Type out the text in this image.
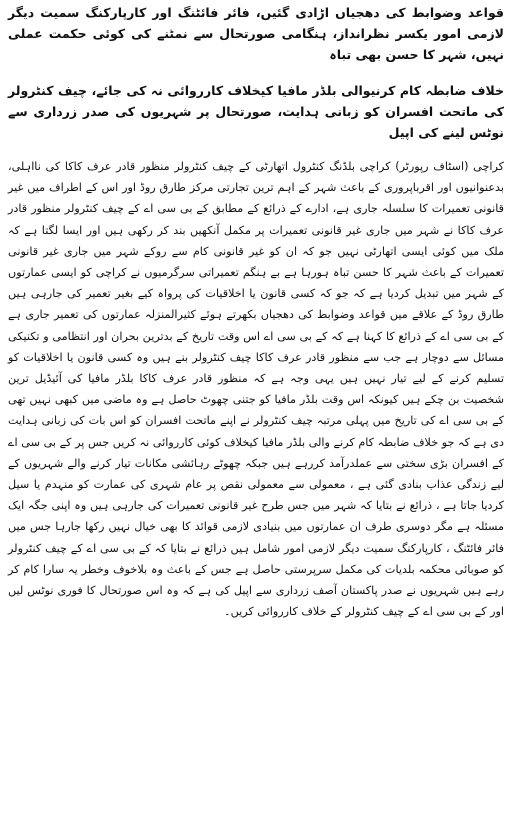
قواعد وضوابط کی دھجیاں اڑادی گئیں، فائر فائٹنگ اور کارپارکنگ سمیت دیگر لازمی امور یکسر نظرانداز، ہنگامی صورتحال سے نمٹنے کی کوئی حکمت عملی نہیں، شہر کا حسن بھی تباہ

خلاف ضابطہ کام کرنیوالی بلڈر مافیا کیخلاف کارروائی نہ کی جائے، چیف کنٹرولر کی ماتحت افسران کو زبانی ہدایت، صورتحال پر شہریوں کی صدر زرداری سے نوٹس لینے کی اپیل

کراچی (اسٹاف رپورٹر) کراچی بلڈنگ کنٹرول اتھارٹی کے چیف کنٹرولر منظور قادر عرف کاکا کی نااہلی، بدعنوانیوں اور اقرباپروری کے باعث شہر کے اہم ترین تجارتی مرکز طارق روڈ اور اس کے اطراف میں غیر قانونی تعمیرات کا سلسلہ جاری ہے، ادارے کے ذرائع کے مطابق کے بی سی اے کے چیف کنٹرولر منظور قادر عرف کاکا نے شہر میں جاری غیر قانونی تعمیرات پر مکمل آنکھیں بند کر رکھی ہیں اور ایسا لگتا ہے کہ ملک میں کوئی ایسی اتھارٹی نہیں جو کہ ان کو غیر قانونی کام سے روکے شہر میں جاری غیر قانونی تعمیرات کے باعث شہر کا حسن تباہ ہورہا ہے بے ہنگم تعمیراتی سرگرمیوں نے کراچی کو ایسی عمارتوں کے شہر میں تبدیل کردیا ہے کہ جو کہ کسی قانون یا اخلاقیات کی پرواہ کیے بغیر تعمیر کی جارہی ہیں طارق روڈ کے علاقے میں قواعد وضوابط کی دھجیاں بکھرتے ہوئے کثیرالمنزلہ عمارتوں کی تعمیر جاری ہے کے بی سی اے کے ذرائع کا کہنا ہے کہ کے بی سی اے اس وقت تاریخ کے بدترین بحران اور انتظامی و تکنیکی مسائل سے دوچار ہے جب سے منظور قادر عرف کاکا چیف کنٹرولر بنے ہیں وہ کسی قانون یا اخلاقیات کو تسلیم کرنے کے لیے تیار نہیں ہیں یہی وجہ ہے کہ منظور قادر عرف کاکا بلڈر مافیا کی آئیڈیل ترین شخصیت بن چکے ہیں کیونکہ اس وقت بلڈر مافیا کو جتنی چھوٹ حاصل ہے وہ ماضی میں کبھی نہیں تھی کے بی سی اے کی تاریخ میں پہلی مرتبہ چیف کنٹرولر نے اپنے ماتحت افسران کو اس بات کی زبانی ہدایت دی ہے کہ جو خلاف ضابطہ کام کرنے والی بلڈر مافیا کیخلاف کوئی کارروائی نہ کریں جس پر کے بی سی اے کے افسران بڑی سختی سے عملدرآمد کررہے ہیں جبکہ چھوٹے رہائشی مکانات تیار کرنے والے شہریوں کے لیے زندگی عذاب بنادی گئی ہے ، معمولی سے معمولی نقص پر عام شہری کی عمارت کو منہدم یا سیل کردیا جاتا ہے ، ذرائع نے بتایا کہ شہر میں جس طرح غیر قانونی تعمیرات کی جارہی ہیں وہ اپنی جگہ ایک مسئلہ ہے مگر دوسری طرف ان عمارتوں میں بنیادی لازمی قوائد کا بھی خیال نہیں رکھا جارہا جس میں فائر فائٹنگ ، کارپارکنگ سمیت دیگر لازمی امور شامل ہیں ذرائع نے بتایا کہ کے بی سی اے کے چیف کنٹرولر کو صوبائی محکمہ بلدیات کی مکمل سرپرستی حاصل ہے جس کے باعث وہ بلاخوف وخطر یہ سارا کام کر رہے ہیں شہریوں نے صدر پاکستان آصف زرداری سے اپیل کی ہے کہ وہ اس صورتحال کا فوری نوٹس لیں اور کے بی سی اے کے چیف کنٹرولر کے خلاف کارروائی کریں۔
